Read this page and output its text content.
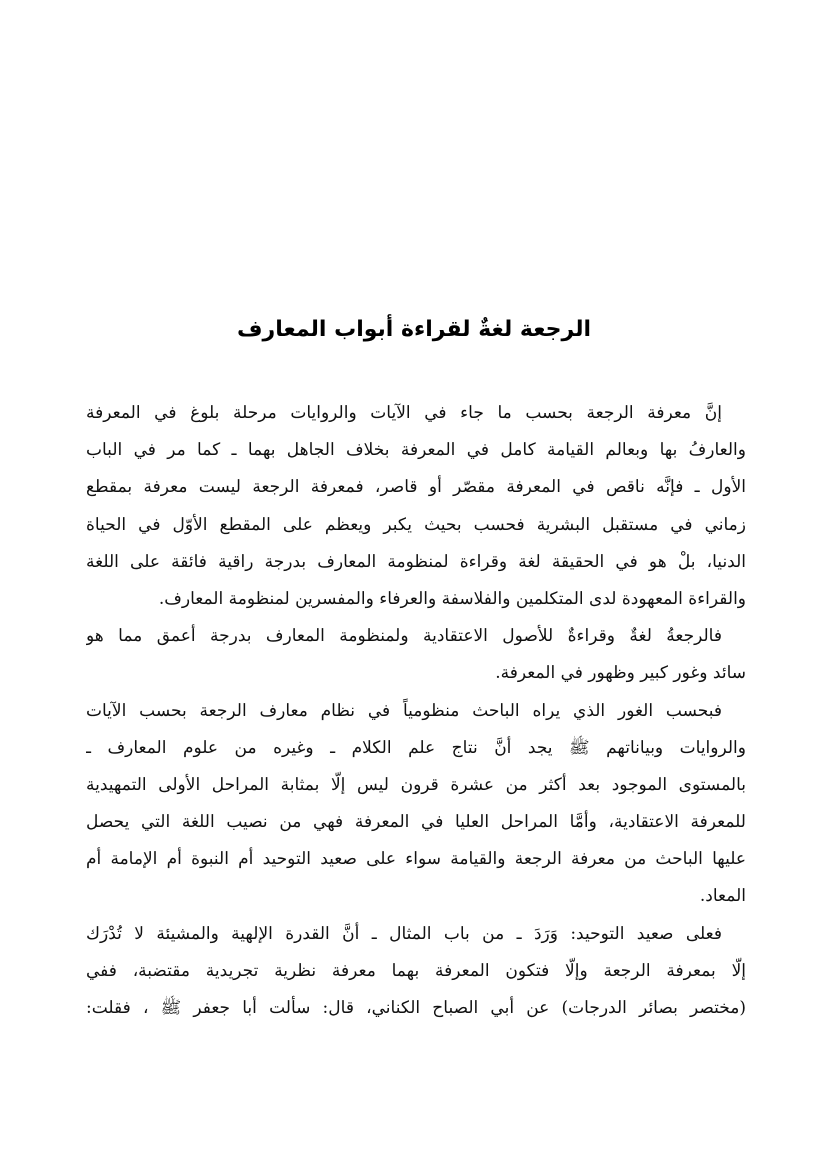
الرجعة لغةٌ لقراءة أبواب المعارف
إنَّ معرفة الرجعة بحسب ما جاء في الآيات والروايات مرحلة بلوغ في المعرفة
والعارفُ بها وبعالم القيامة كامل في المعرفة بخلاف الجاهل بهما ـ كما مر في الباب
الأول ـ فإنَّه ناقص في المعرفة مقصّر أو قاصر، فمعرفة الرجعة ليست معرفة بمقطع
زماني في مستقبل البشرية فحسب بحيث يكبر ويعظم على المقطع الأوّل في الحياة
الدنيا، بلْ هو في الحقيقة لغة وقراءة لمنظومة المعارف بدرجة راقية فائقة على اللغة
والقراءة المعهودة لدى المتكلمين والفلاسفة والعرفاء والمفسرين لمنظومة المعارف.
فالرجعةُ لغةٌ وقراءةٌ للأصول الاعتقادية ولمنظومة المعارف بدرجة أعمق مما هو
سائد وغور كبير وظهور في المعرفة.
فبحسب الغور الذي يراه الباحث منظومياً في نظام معارف الرجعة بحسب الآيات
والروايات وبياناتهم ﷺ يجد أنَّ نتاج علم الكلام ـ وغيره من علوم المعارف ـ
بالمستوى الموجود بعد أكثر من عشرة قرون ليس إلّا بمثابة المراحل الأولى التمهيدية
للمعرفة الاعتقادية، وأمَّا المراحل العليا في المعرفة فهي من نصيب اللغة التي يحصل
عليها الباحث من معرفة الرجعة والقيامة سواء على صعيد التوحيد أم النبوة أم الإمامة أم
المعاد.
فعلى صعيد التوحيد: وَرَدَ ـ من باب المثال ـ أنَّ القدرة الإلهية والمشيئة لا تُدْرَك
إلّا بمعرفة الرجعة وإلّا فتكون المعرفة بهما معرفة نظرية تجريدية مقتضبة، ففي
(مختصر بصائر الدرجات) عن أبي الصباح الكناني، قال: سألت أبا جعفر ﷺ ، فقلت:
